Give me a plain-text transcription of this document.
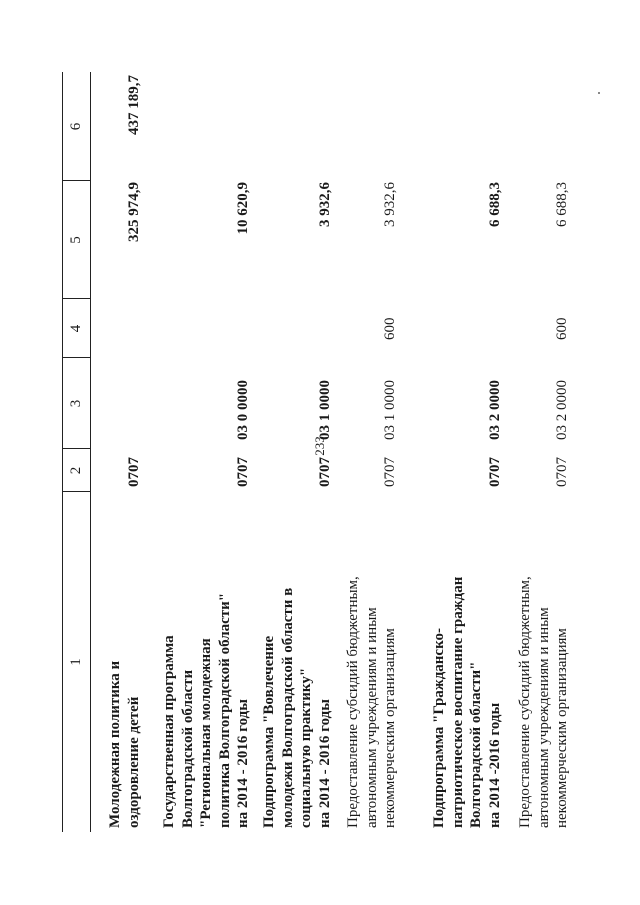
233
1
2
3
4
5
6
Молодежная политика и оздоровление детей
0707
325 974,9
437 189,7
Государственная программа Волгоградской области "Региональная молодежная политика Волгоградской области" на 2014 - 2016 годы
0707
03 0 0000
10 620,9
Подпрограмма "Вовлечение молодежи Волгоградской области в социальную практику" на 2014 - 2016 годы
0707
03 1 0000
3 932,6
Предоставление субсидий бюджетным, автономным учреждениям и иным некоммерческим организациям
0707
03 1 0000
600
3 932,6
Подпрограмма "Гражданско- патриотическое воспитание граждан Волгоградской области" на 2014 -2016 годы
0707
03 2 0000
6 688,3
Предоставление субсидий бюджетным, автономным учреждениям и иным некоммерческим организациям
0707
03 2 0000
600
6 688,3
